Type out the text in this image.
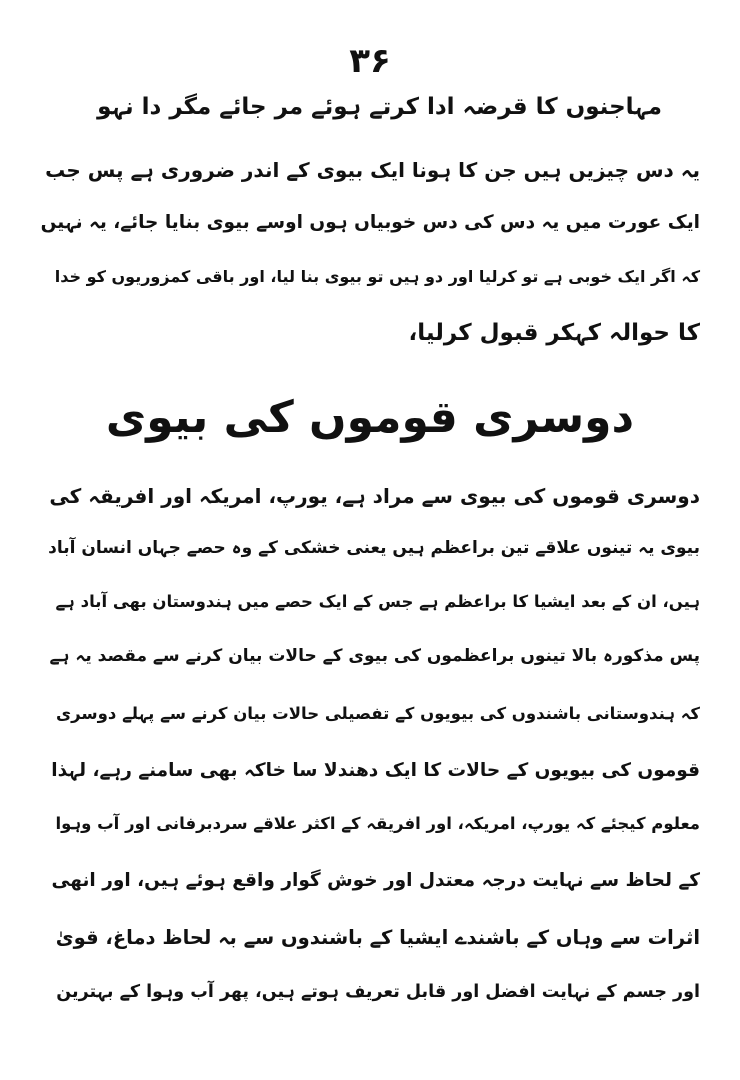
۳۶
مہاجنوں کا قرضہ ادا کرتے ہوئے مر جائے مگر دا نہو
یہ دس چیزیں ہیں جن کا ہونا ایک بیوی کے اندر ضروری ہے پس جب
ایک عورت میں یہ دس کی دس خوبیاں ہوں اوسے بیوی بنایا جائے، یہ نہیں
کہ اگر ایک خوبی ہے تو کرلیا اور دو ہیں تو بیوی بنا لیا، اور باقی کمزوریوں کو خدا
کا حوالہ کہکر قبول کرلیا،
دوسری قوموں کی بیوی
دوسری قوموں کی بیوی سے مراد ہے، یورپ، امریکہ اور افریقہ کی
بیوی یہ تینوں علاقے تین براعظم ہیں یعنی خشکی کے وہ حصے جہاں انسان آباد
ہیں، ان کے بعد ایشیا کا براعظم ہے جس کے ایک حصے میں ہندوستان بھی آباد ہے
پس مذکورہ بالا تینوں براعظموں کی بیوی کے حالات بیان کرنے سے مقصد یہ ہے
کہ ہندوستانی باشندوں کی بیویوں کے تفصیلی حالات بیان کرنے سے پہلے دوسری
قوموں کی بیویوں کے حالات کا ایک دھندلا سا خاکہ بھی سامنے رہے، لہذا
معلوم کیجئے کہ یورپ، امریکہ، اور افریقہ کے اکثر علاقے سردبرفانی اور آب وہوا
کے لحاظ سے نہایت درجہ معتدل اور خوش گوار واقع ہوئے ہیں، اور انھی
اثرات سے وہاں کے باشندے ایشیا کے باشندوں سے بہ لحاظ دماغ، قویٰ
اور جسم کے نہایت افضل اور قابل تعریف ہوتے ہیں، پھر آب وہوا کے بہترین
